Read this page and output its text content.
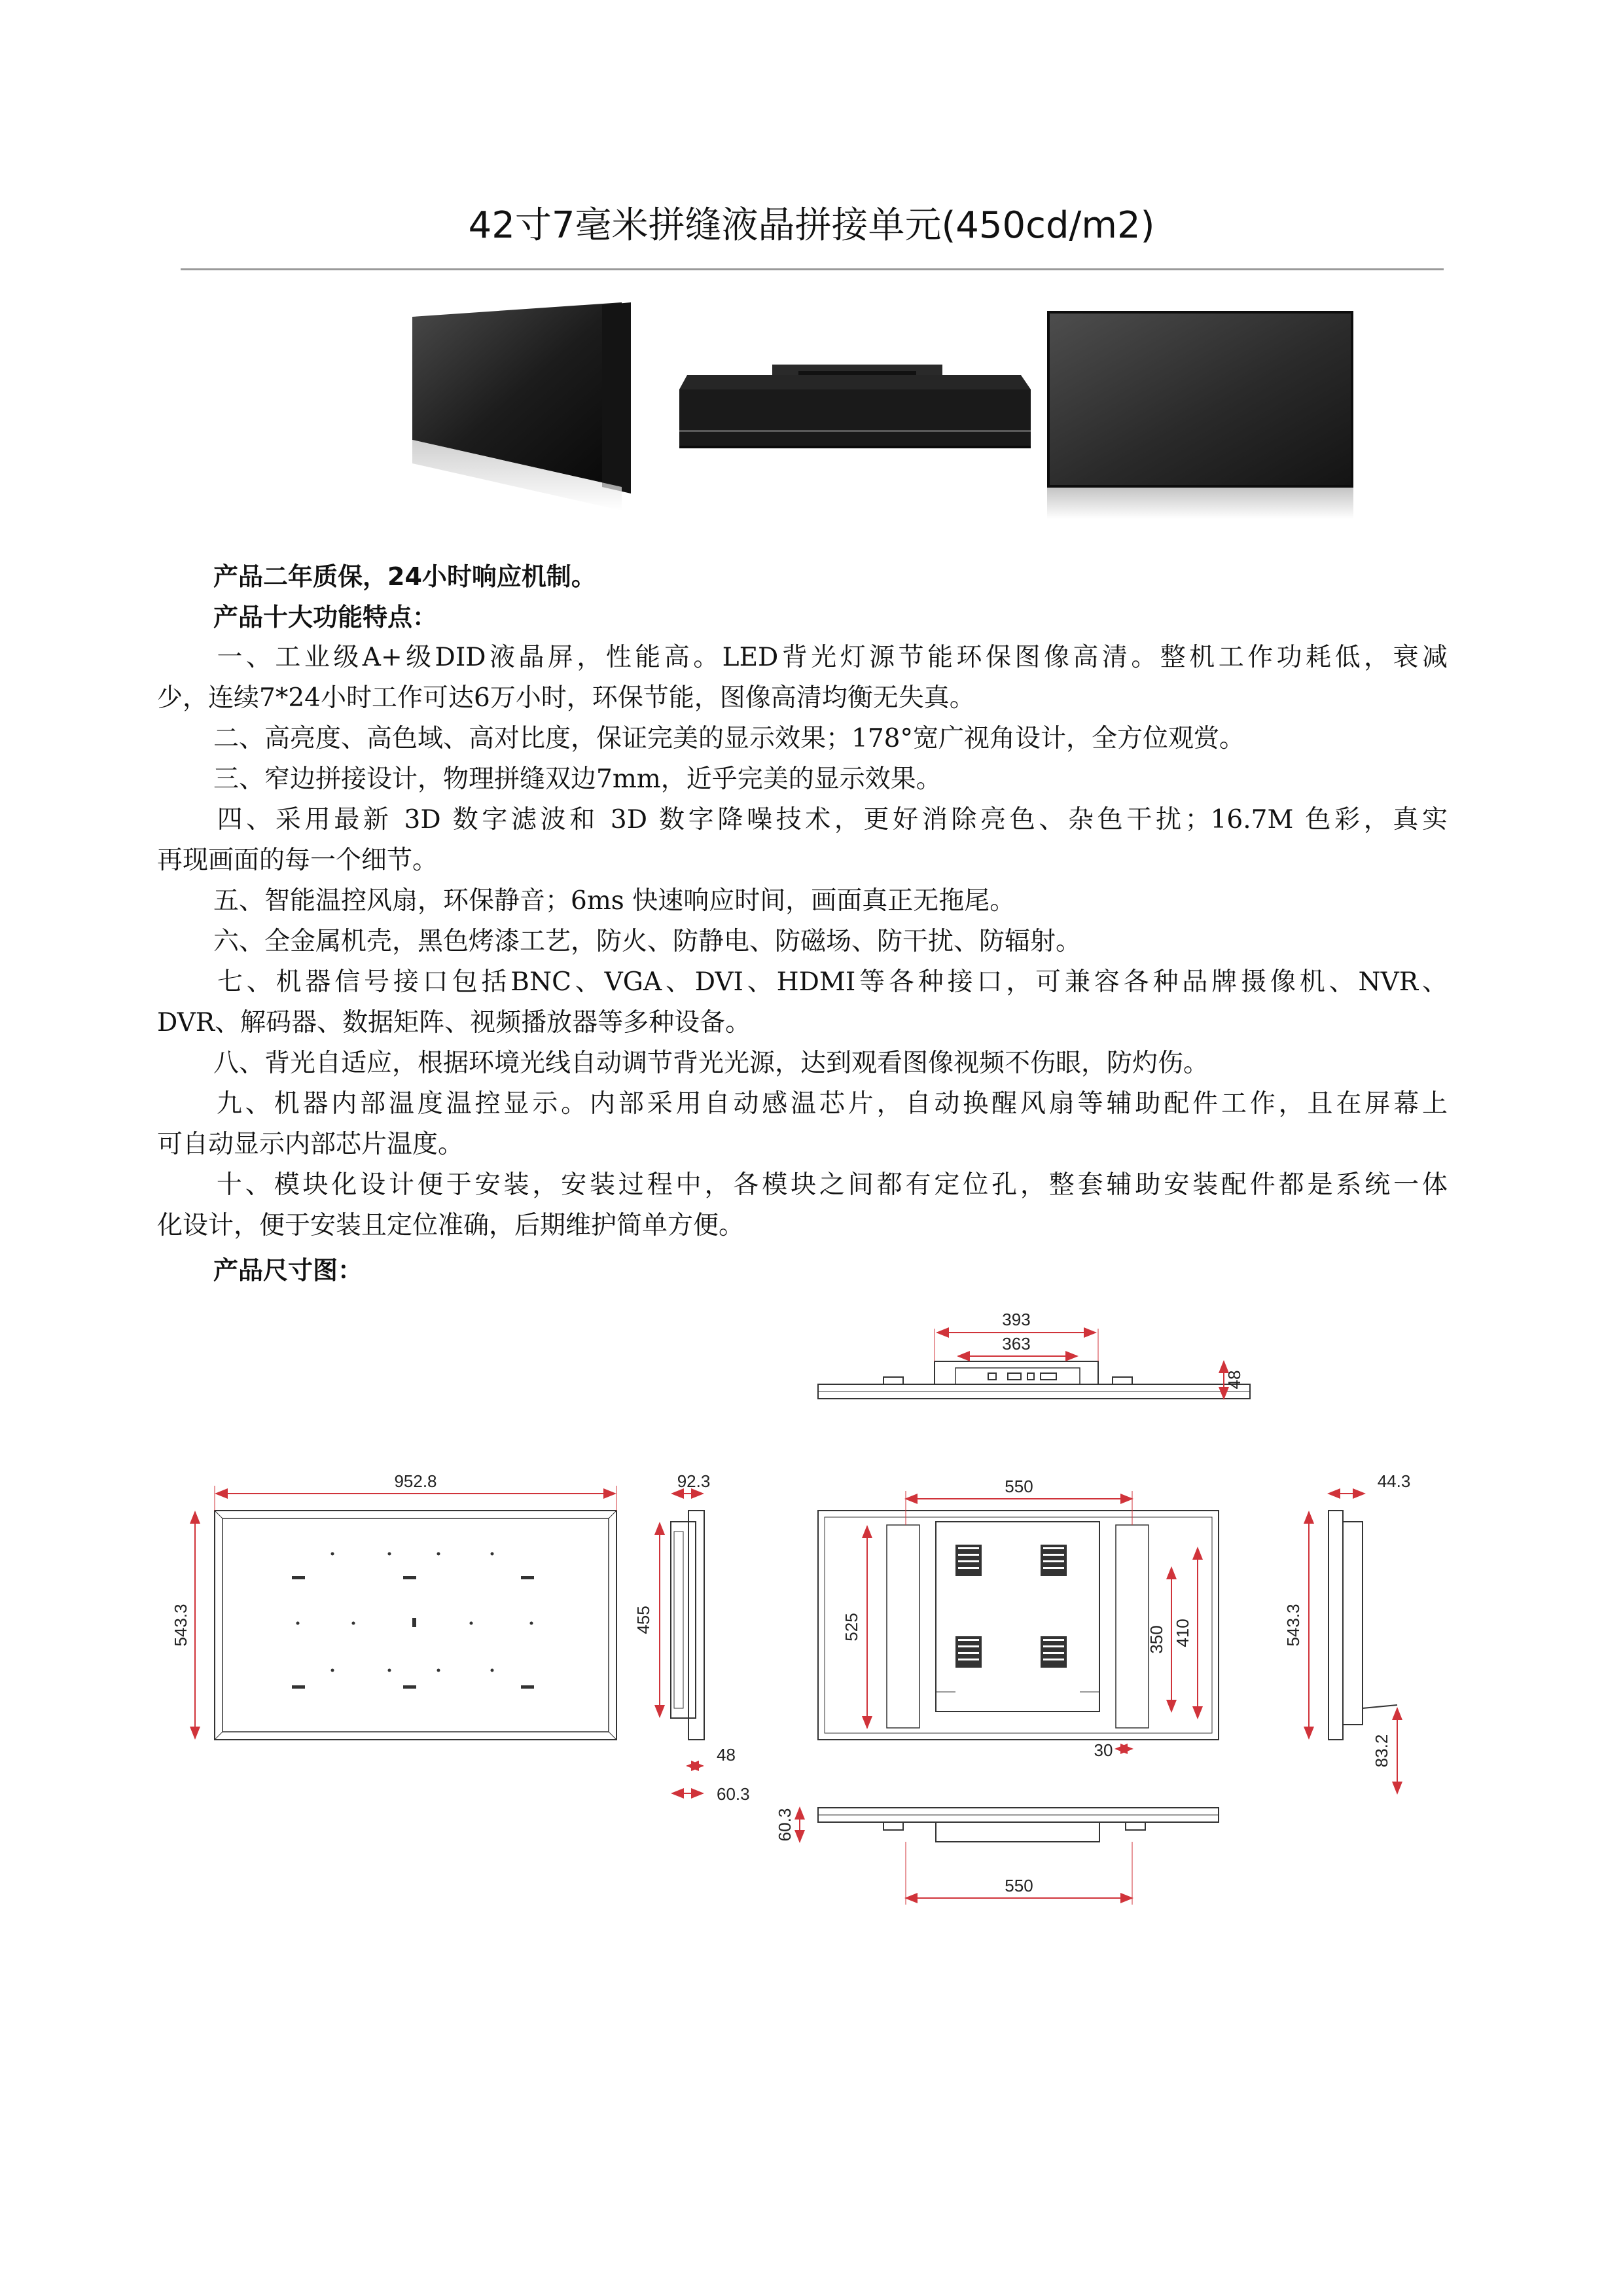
42寸7毫米拼缝液晶拼接单元(450cd/m2)
产品二年质保，24小时响应机制。
产品十大功能特点：
一、工业级A+级DID液晶屏，性能高。LED背光灯源节能环保图像高清。整机工作功耗低，衰减
少，连续7*24小时工作可达6万小时，环保节能，图像高清均衡无失真。
二、高亮度、高色域、高对比度，保证完美的显示效果；178°宽广视角设计，全方位观赏。
三、窄边拼接设计，物理拼缝双边7mm，近乎完美的显示效果。
四、采用最新 3D 数字滤波和 3D 数字降噪技术，更好消除亮色、杂色干扰；16.7M 色彩，真实
再现画面的每一个细节。
五、智能温控风扇，环保静音；6ms 快速响应时间，画面真正无拖尾。
六、全金属机壳，黑色烤漆工艺，防火、防静电、防磁场、防干扰、防辐射。
七、机器信号接口包括BNC、VGA、DVI、HDMI等各种接口，可兼容各种品牌摄像机、NVR、
DVR、解码器、数据矩阵、视频播放器等多种设备。
八、背光自适应，根据环境光线自动调节背光光源，达到观看图像视频不伤眼，防灼伤。
九、机器内部温度温控显示。内部采用自动感温芯片，自动换醒风扇等辅助配件工作，且在屏幕上
可自动显示内部芯片温度。
十、模块化设计便于安装，安装过程中，各模块之间都有定位孔，整套辅助安装配件都是系统一体
化设计，便于安装且定位准确，后期维护简单方便。
产品尺寸图：
393
363
48
952.8
543.3
92.3
455
48
60.3
550
525	350 410
30
44.3
543.3
83.2
60.3
550
